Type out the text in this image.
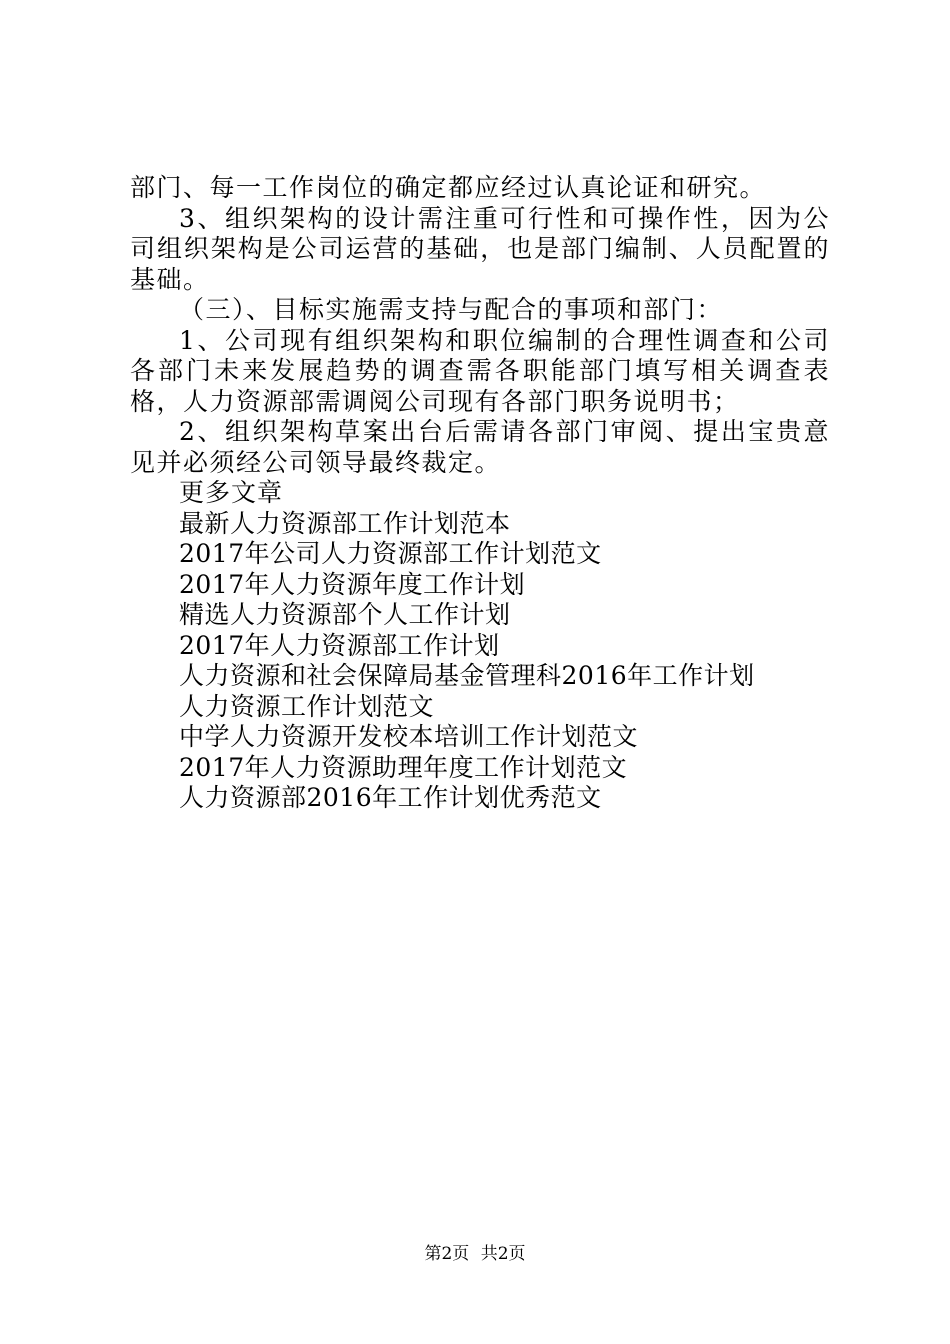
部门、每一工作岗位的确定都应经过认真论证和研究。

3、组织架构的设计需注重可行性和可操作性，因为公司组织架构是公司运营的基础，也是部门编制、人员配置的基础。

（三）、目标实施需支持与配合的事项和部门：

1、公司现有组织架构和职位编制的合理性调查和公司各部门未来发展趋势的调查需各职能部门填写相关调查表格，人力资源部需调阅公司现有各部门职务说明书；

2、组织架构草案出台后需请各部门审阅、提出宝贵意见并必须经公司领导最终裁定。

更多文章

最新人力资源部工作计划范本
2017年公司人力资源部工作计划范文
2017年人力资源年度工作计划
精选人力资源部个人工作计划
2017年人力资源部工作计划
人力资源和社会保障局基金管理科2016年工作计划
人力资源工作计划范文
中学人力资源开发校本培训工作计划范文
2017年人力资源助理年度工作计划范文
人力资源部2016年工作计划优秀范文
第2页 共2页
